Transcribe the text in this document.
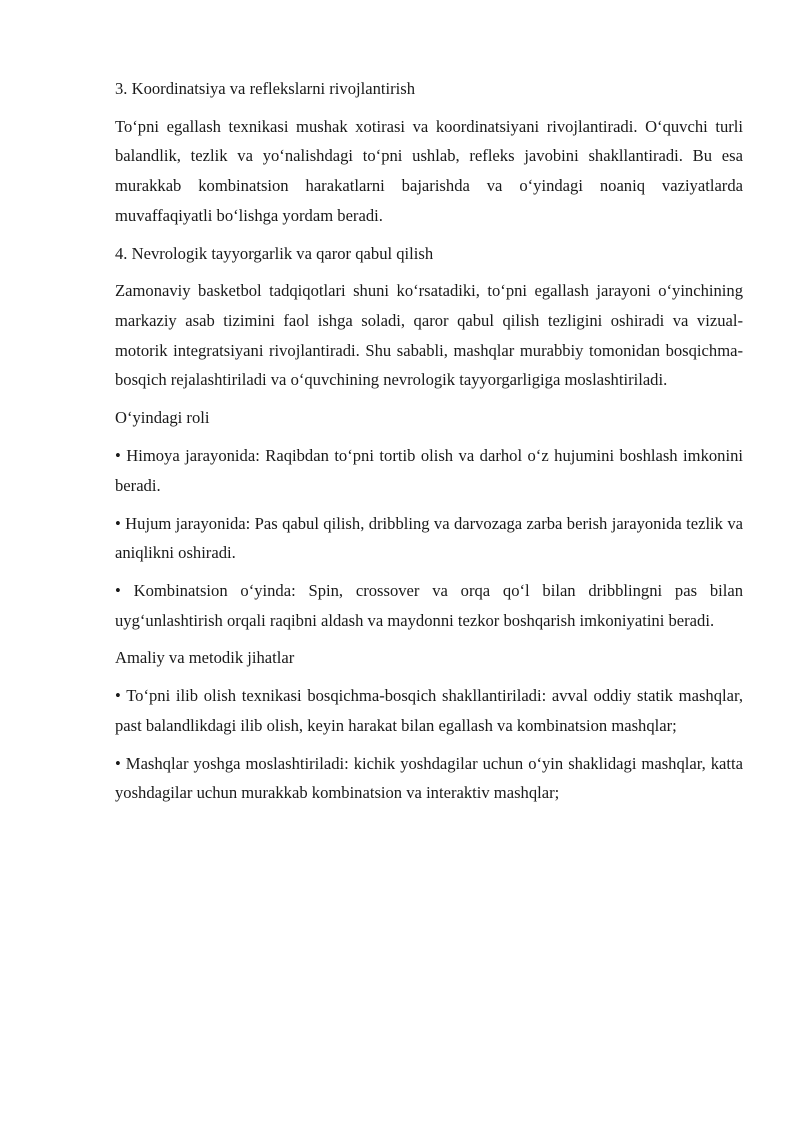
3. Koordinatsiya va reflekslarni rivojlantirish
To‘pni egallash texnikasi mushak xotirasi va koordinatsiyani rivojlantiradi. O‘quvchi turli balandlik, tezlik va yo‘nalishdagi to‘pni ushlab, refleks javobini shakllantiradi. Bu esa murakkab kombinatsion harakatlarni bajarishda va o‘yindagi noaniq vaziyatlarda muvaffaqiyatli bo‘lishga yordam beradi.
4. Nevrologik tayyorgarlik va qaror qabul qilish
Zamonaviy basketbol tadqiqotlari shuni ko‘rsatadiki, to‘pni egallash jarayoni o‘yinchining markaziy asab tizimini faol ishga soladi, qaror qabul qilish tezligini oshiradi va vizual-motorik integratsiyani rivojlantiradi. Shu sababli, mashqlar murabbiy tomonidan bosqichma-bosqich rejalashtiriladi va o‘quvchining nevrologik tayyorgarligiga moslashtiriladi.
O‘yindagi roli
• Himoya jarayonida: Raqibdan to‘pni tortib olish va darhol o‘z hujumini boshlash imkonini beradi.
• Hujum jarayonida: Pas qabul qilish, dribbling va darvozaga zarba berish jarayonida tezlik va aniqlikni oshiradi.
• Kombinatsion o‘yinda: Spin, crossover va orqa qo‘l bilan dribblingni pas bilan uyg‘unlashtirish orqali raqibni aldash va maydonni tezkor boshqarish imkoniyatini beradi.
Amaliy va metodik jihatlar
• To‘pni ilib olish texnikasi bosqichma-bosqich shakllantiriladi: avval oddiy statik mashqlar, past balandlikdagi ilib olish, keyin harakat bilan egallash va kombinatsion mashqlar;
• Mashqlar yoshga moslashtiriladi: kichik yoshdagilar uchun o‘yin shaklidagi mashqlar, katta yoshdagilar uchun murakkab kombinatsion va interaktiv mashqlar;
